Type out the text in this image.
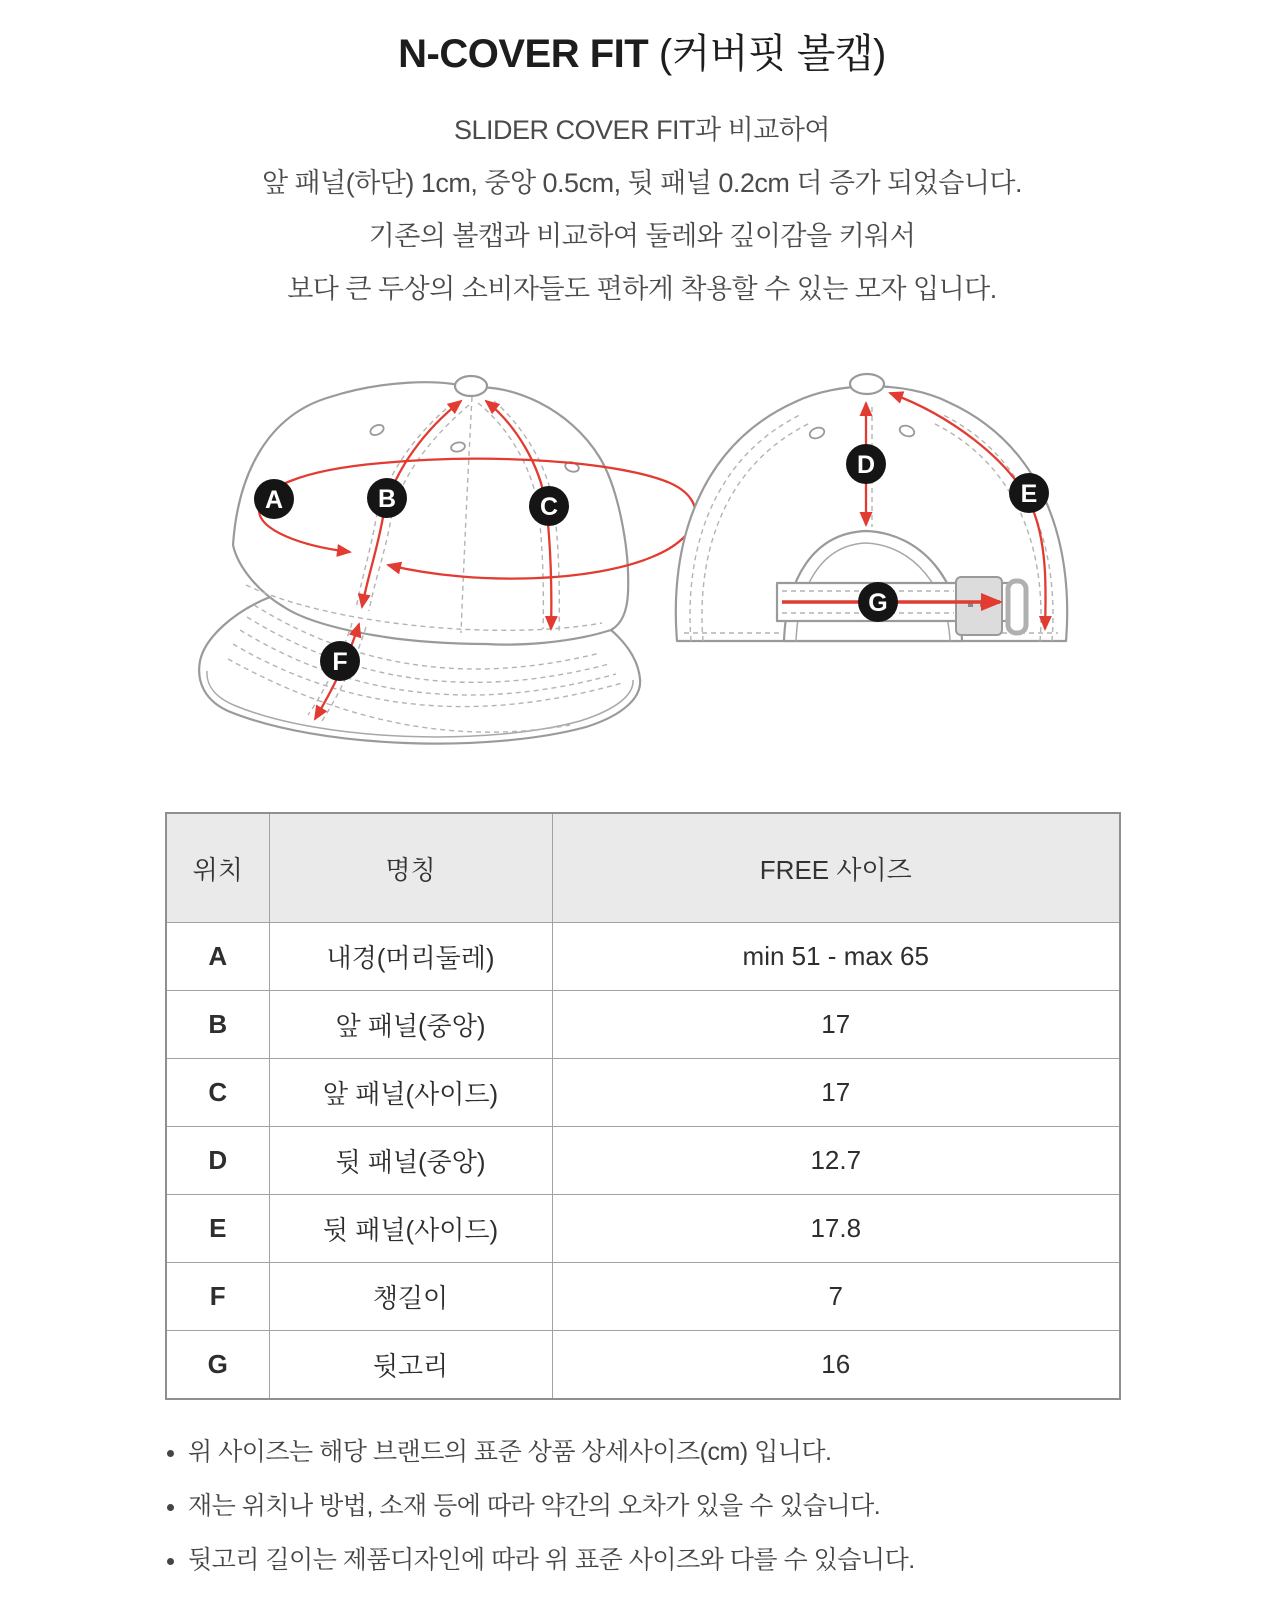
N-COVER FIT (커버핏 볼캡)

SLIDER COVER FIT과 비교하여

앞 패널(하단) 1cm, 중앙 0.5cm, 뒷 패널 0.2cm 더 증가 되었습니다.

기존의 볼캡과 비교하여 둘레와 깊이감을 키워서

보다 큰 두상의 소비자들도 편하게 착용할 수 있는 모자 입니다.

A	B	C
F
D
E
G
위치	명칭	FREE 사이즈
A	내경(머리둘레)	min 51 - max 65
B	앞 패널(중앙)	17
C	앞 패널(사이드)	17
D	뒷 패널(중앙)	12.7
E	뒷 패널(사이드)	17.8
F	챙길이	7
G	뒷고리	16
• 위 사이즈는 해당 브랜드의 표준 상품 상세사이즈(cm) 입니다.
• 재는 위치나 방법, 소재 등에 따라 약간의 오차가 있을 수 있습니다.
• 뒷고리 길이는 제품디자인에 따라 위 표준 사이즈와 다를 수 있습니다.
